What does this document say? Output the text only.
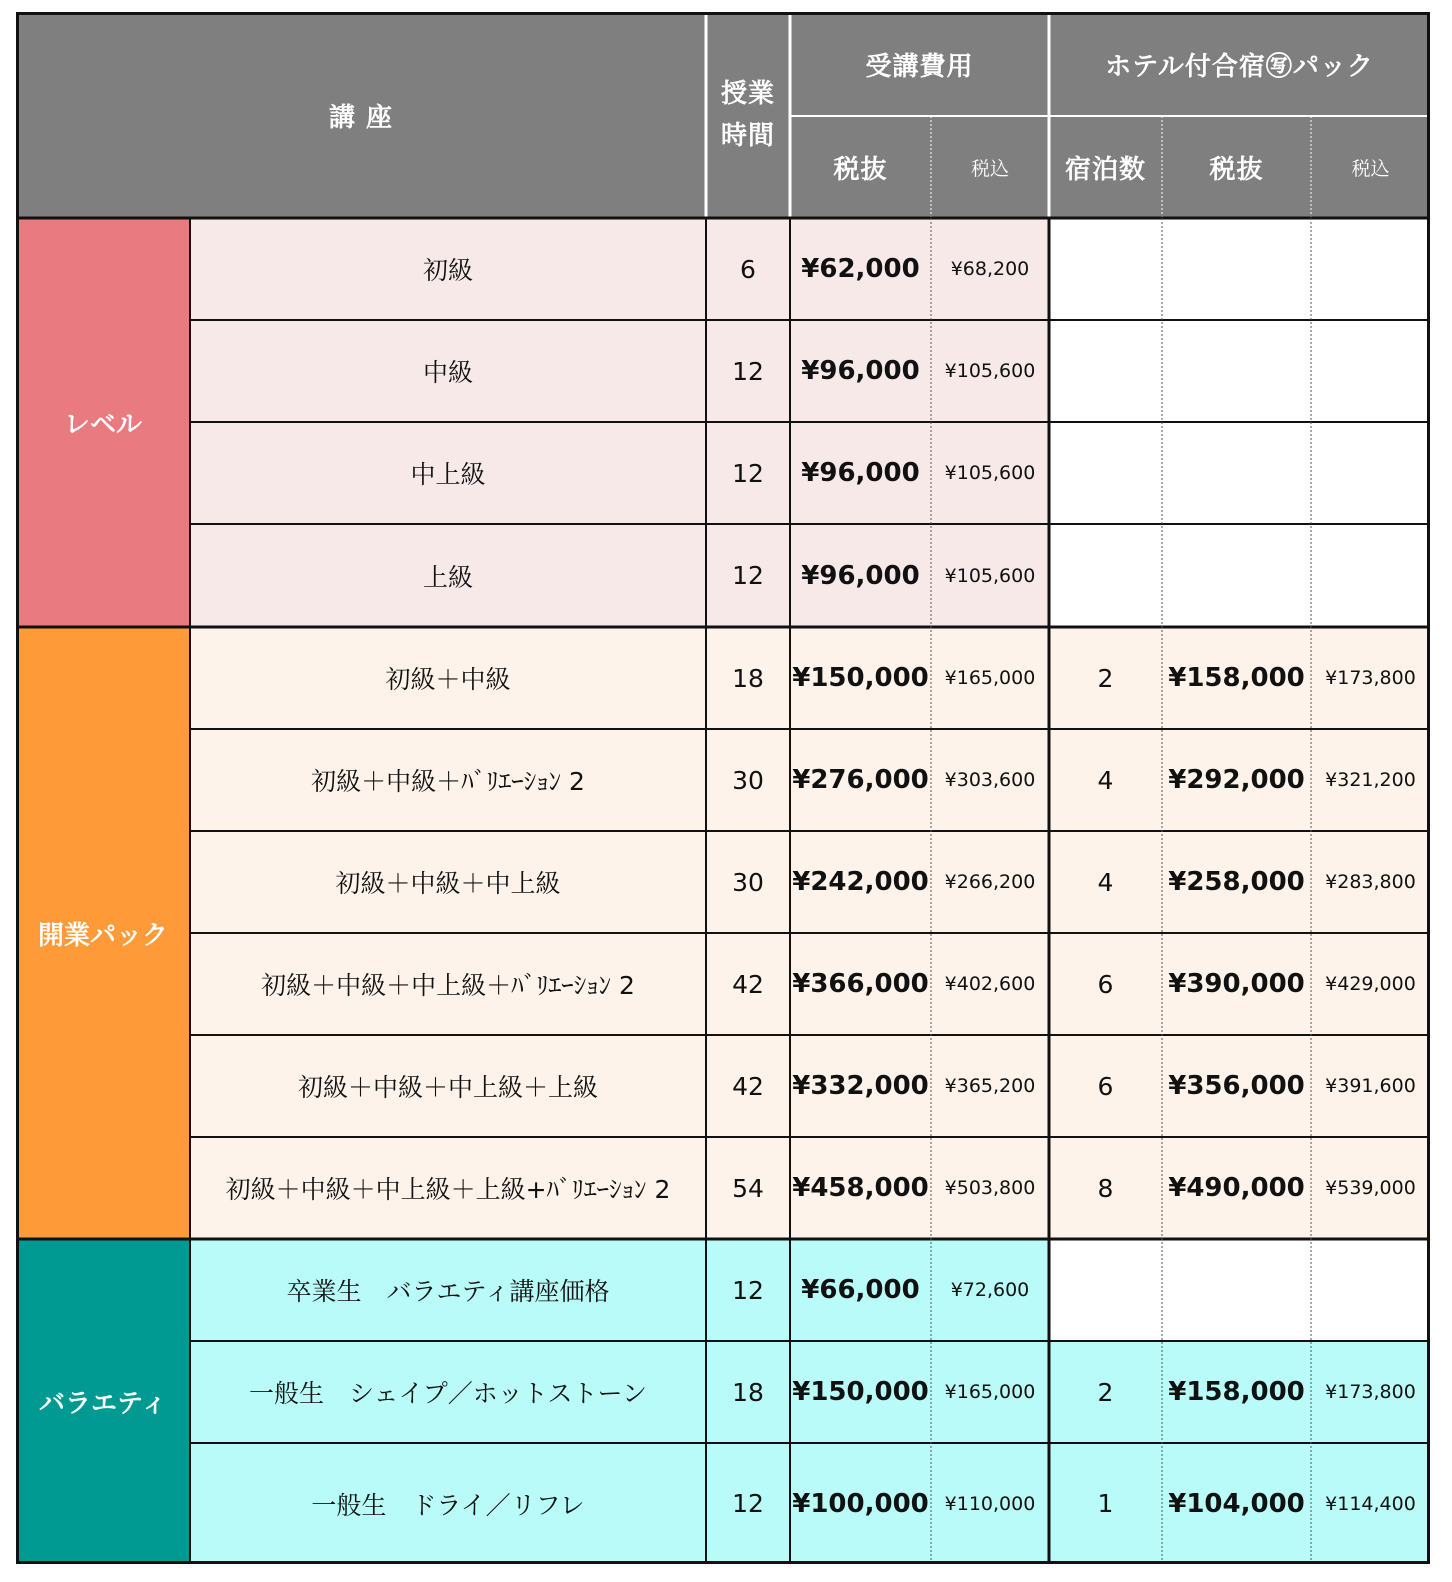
講 座
授業
時間
受講費用	ホテル付合宿㊢パック
税抜	税込	宿泊数	税抜	税込
レベル
開業パック
バラエティ
初級	6	¥62,000	¥68,200
中級	12	¥96,000	¥105,600
中上級	12	¥96,000	¥105,600
上級	12	¥96,000	¥105,600
初級＋中級	18	¥150,000 ¥165,000	2	¥158,000	¥173,800
初級＋中級＋ﾊﾞﾘｴｰｼｮﾝ 2	30	¥276,000 ¥303,600	4	¥292,000	¥321,200
初級＋中級＋中上級	30	¥242,000 ¥266,200	4	¥258,000	¥283,800
初級＋中級＋中上級＋ﾊﾞﾘｴｰｼｮﾝ 2	42	¥366,000 ¥402,600	6	¥390,000	¥429,000
初級＋中級＋中上級＋上級	42	¥332,000 ¥365,200	6	¥356,000	¥391,600
初級＋中級＋中上級＋上級+ﾊﾞﾘｴｰｼｮﾝ 2	54	¥458,000 ¥503,800	8	¥490,000	¥539,000
卒業生　バラエティ講座価格	12	¥66,000	¥72,600
一般生　シェイプ／ホットストーン	18	¥150,000 ¥165,000	2	¥158,000	¥173,800
一般生　ドライ／リフレ	12	¥100,000 ¥110,000	1	¥104,000	¥114,400
